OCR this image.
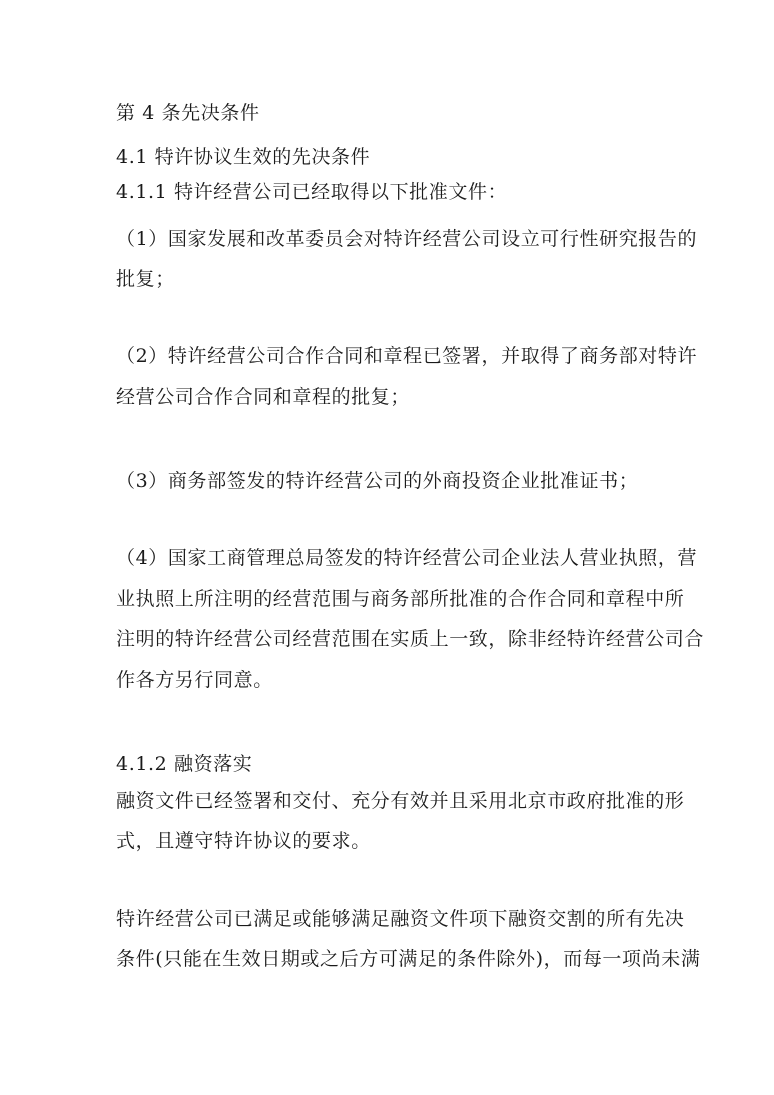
第 4 条先决条件
4.1 特许协议生效的先决条件
4.1.1 特许经营公司已经取得以下批准文件：
（1）国家发展和改革委员会对特许经营公司设立可行性研究报告的
批复；
（2）特许经营公司合作合同和章程已签署，并取得了商务部对特许
经营公司合作合同和章程的批复；
（3）商务部签发的特许经营公司的外商投资企业批准证书；
（4）国家工商管理总局签发的特许经营公司企业法人营业执照，营
业执照上所注明的经营范围与商务部所批准的合作合同和章程中所
注明的特许经营公司经营范围在实质上一致，除非经特许经营公司合
作各方另行同意。
4.1.2 融资落实
融资文件已经签署和交付、充分有效并且采用北京市政府批准的形
式，且遵守特许协议的要求。
特许经营公司已满足或能够满足融资文件项下融资交割的所有先决
条件(只能在生效日期或之后方可满足的条件除外)，而每一项尚未满
